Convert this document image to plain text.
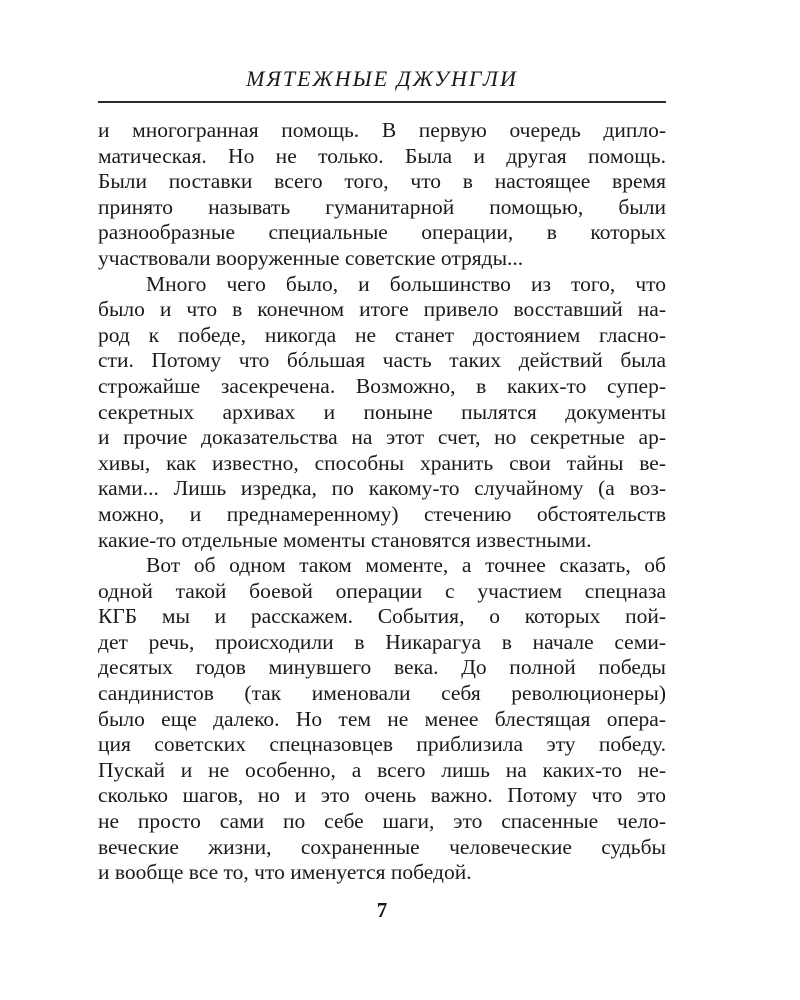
МЯТЕЖНЫЕ ДЖУНГЛИ
и многогранная помощь. В первую очередь дипло-
матическая. Но не только. Была и другая помощь.
Были поставки всего того, что в настоящее время
принято называть гуманитарной помощью, были
разнообразные специальные операции, в которых
участвовали вооруженные советские отряды...
Много чего было, и большинство из того, что
было и что в конечном итоге привело восставший на-
род к победе, никогда не станет достоянием гласно-
сти. Потому что бóльшая часть таких действий была
строжайше засекречена. Возможно, в каких-то супер-
секретных архивах и поныне пылятся документы
и прочие доказательства на этот счет, но секретные ар-
хивы, как известно, способны хранить свои тайны ве-
ками... Лишь изредка, по какому-то случайному (а воз-
можно, и преднамеренному) стечению обстоятельств
какие-то отдельные моменты становятся известными.
Вот об одном таком моменте, а точнее сказать, об
одной такой боевой операции с участием спецназа
КГБ мы и расскажем. События, о которых пой-
дет речь, происходили в Никарагуа в начале семи-
десятых годов минувшего века. До полной победы
сандинистов (так именовали себя революционеры)
было еще далеко. Но тем не менее блестящая опера-
ция советских спецназовцев приблизила эту победу.
Пускай и не особенно, а всего лишь на каких-то не-
сколько шагов, но и это очень важно. Потому что это
не просто сами по себе шаги, это спасенные чело-
веческие жизни, сохраненные человеческие судьбы
и вообще все то, что именуется победой.
7
